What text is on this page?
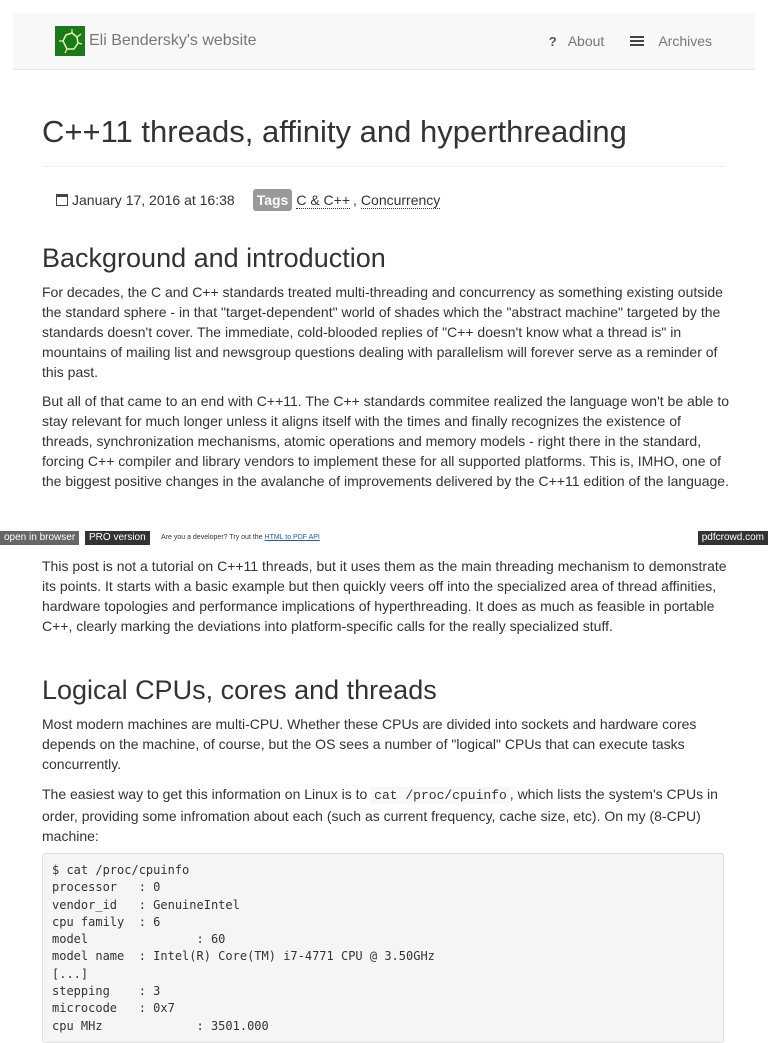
Eli Bendersky's website	? About	Archives
C++11 threads, affinity and hyperthreading
January 17, 2016 at 16:38 Tags C & C++ , Concurrency
Background and introduction

For decades, the C and C++ standards treated multi-threading and concurrency as something existing outside the standard sphere - in that "target-dependent" world of shades which the "abstract machine" targeted by the standards doesn't cover. The immediate, cold-blooded replies of "C++ doesn't know what a thread is" in mountains of mailing list and newsgroup questions dealing with parallelism will forever serve as a reminder of this past.

But all of that came to an end with C++11. The C++ standards commitee realized the language won't be able to stay relevant for much longer unless it aligns itself with the times and finally recognizes the existence of threads, synchronization mechanisms, atomic operations and memory models - right there in the standard, forcing C++ compiler and library vendors to implement these for all supported platforms. This is, IMHO, one of the biggest positive changes in the avalanche of improvements delivered by the C++11 edition of the language.

open in browser	PRO version	Are you a developer? Try out the HTML to PDF API	pdfcrowd.com

This post is not a tutorial on C++11 threads, but it uses them as the main threading mechanism to demonstrate its points. It starts with a basic example but then quickly veers off into the specialized area of thread affinities, hardware topologies and performance implications of hyperthreading. It does as much as feasible in portable C++, clearly marking the deviations into platform-specific calls for the really specialized stuff.

Logical CPUs, cores and threads

Most modern machines are multi-CPU. Whether these CPUs are divided into sockets and hardware cores depends on the machine, of course, but the OS sees a number of "logical" CPUs that can execute tasks concurrently.

The easiest way to get this information on Linux is to cat /proc/cpuinfo , which lists the system's CPUs in order, providing some infromation about each (such as current frequency, cache size, etc). On my (8-CPU) machine:

$ cat /proc/cpuinfo
processor   : 0
vendor_id   : GenuineIntel
cpu family  : 6
model               : 60
model name  : Intel(R) Core(TM) i7-4771 CPU @ 3.50GHz
[...]
stepping    : 3
microcode   : 0x7
cpu MHz             : 3501.000
